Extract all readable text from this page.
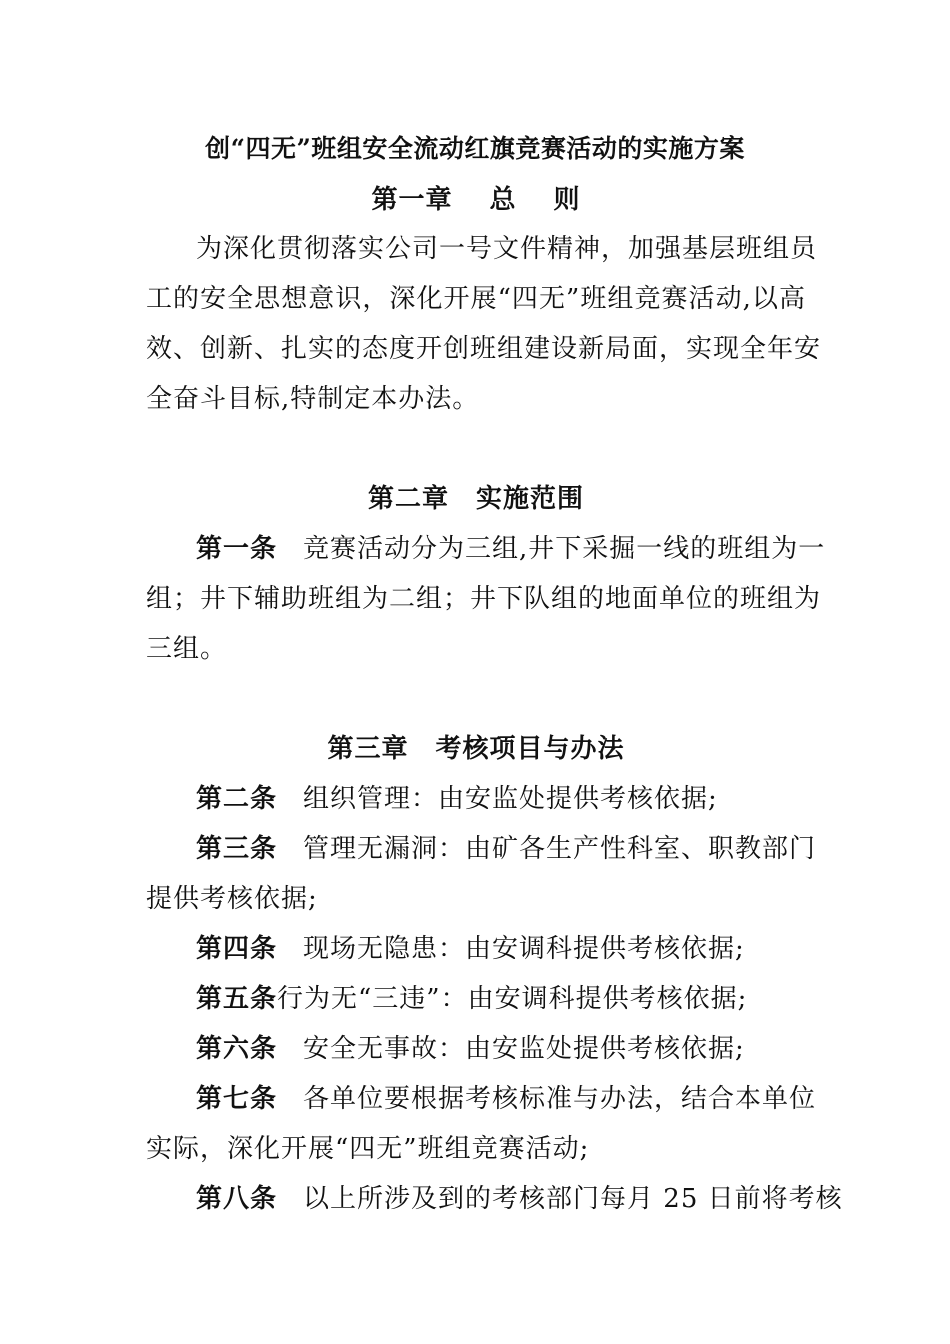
创“四无”班组安全流动红旗竞赛活动的实施方案
第一章　 总　 则
为深化贯彻落实公司一号文件精神，加强基层班组员
工的安全思想意识，深化开展“四无”班组竞赛活动,以高
效、创新、扎实的态度开创班组建设新局面，实现全年安
全奋斗目标,特制定本办法。
第二章　实施范围
第一条 竞赛活动分为三组,井下采掘一线的班组为一
组；井下辅助班组为二组；井下队组的地面单位的班组为
三组。
第三章　考核项目与办法
第二条 组织管理：由安监处提供考核依据;
第三条 管理无漏洞：由矿各生产性科室、职教部门
提供考核依据;
第四条 现场无隐患：由安调科提供考核依据;
第五条行为无“三违”：由安调科提供考核依据;
第六条 安全无事故：由安监处提供考核依据;
第七条 各单位要根据考核标准与办法，结合本单位
实际，深化开展“四无”班组竞赛活动;
第八条 以上所涉及到的考核部门每月 25 日前将考核
